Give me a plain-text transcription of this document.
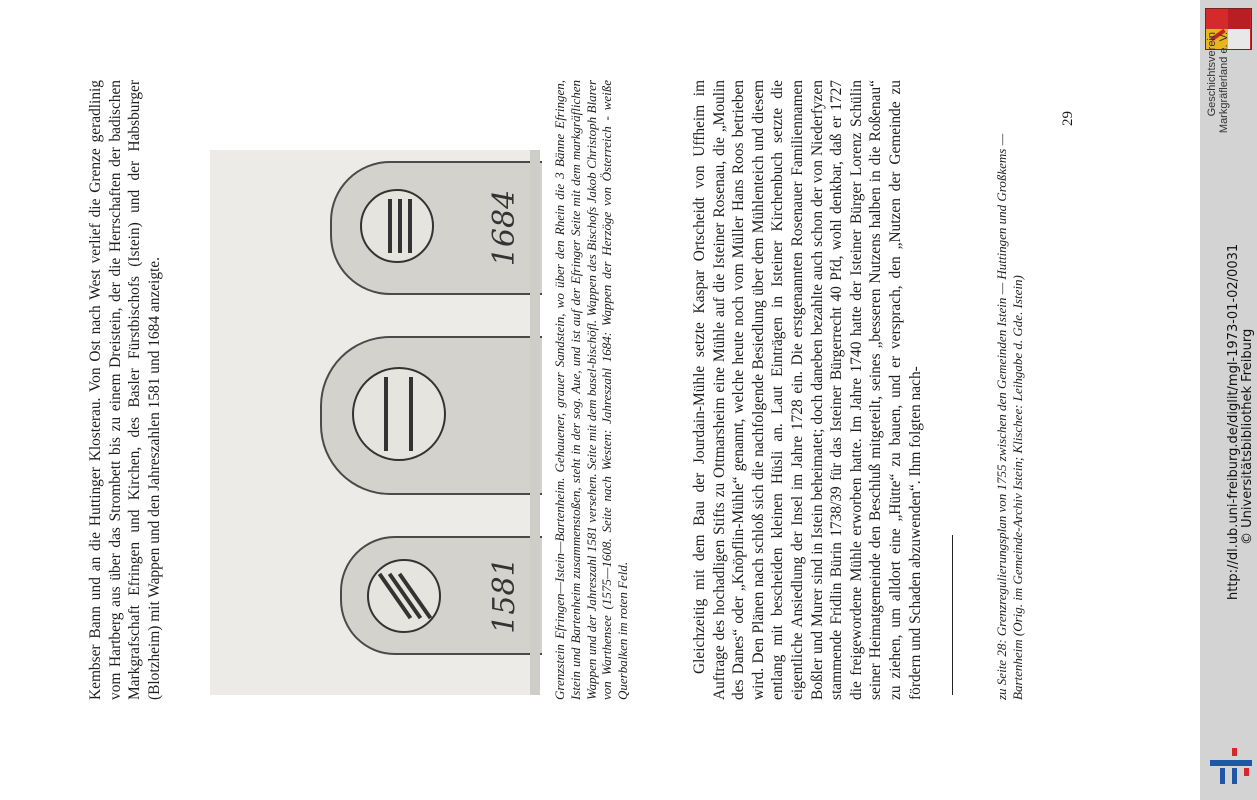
Kembser Bann und an die Huttinger Klosterau. Von Ost nach West verlief die Grenze geradlinig vom Hartberg aus über das Strombett bis zu einem Dreistein, der die Herrschaften der badischen Markgrafschaft Efringen und Kirchen, des Basler Fürstbischofs (Istein) und der Habsburger (Blotzheim) mit Wappen und den Jahreszahlen 1581 und 1684 anzeigte.	1581
1684 Grenzstein Efringen—Istein—Bartenheim. Gehauener, grauer Sandstein, wo über den Rhein die 3 Bänne Efringen, Istein und Bartenheim zusammenstoßen, steht in der sog. Aue, und ist auf der Efringer Seite mit dem markgräflichen Wappen und der Jahreszahl 1581 versehen. Seite mit dem basel-bischöfl. Wappen des Bischofs Jakob Christoph Blarer von Warthensee (1575—1608. Seite nach Westen: Jahreszahl 1684: Wappen der Herzöge von Österreich - weiße Querbalken im roten Feld.	Gleichzeitig mit dem Bau der Jourdain-Mühle setzte Kaspar Ortscheidt von Uffheim im Auftrage des hochadligen Stifts zu Ottmarsheim eine Mühle auf die Isteiner Rosenau, die „Moulin des Danes“ oder „Knöpflin-Mühle“ genannt, welche heute noch vom Müller Hans Roos betrieben wird. Den Plänen nach schloß sich die nachfolgende Besiedlung über dem Mühlenteich und diesem entlang mit bescheiden kleinen Hüsli an. Laut Einträgen in Isteiner Kirchenbuch setzte die eigentliche Ansiedlung der Insel im Jahre 1728 ein. Die erstgenannten Rosenauer Familiennamen Boßler und Murer sind in Istein beheimatet; doch daneben bezahlte auch schon der von Niederfyzen stammende Fridlin Bürin 1738/39 für das Isteiner Bürgerrecht 40 Pfd, wohl denkbar, daß er 1727 die freigewordene Mühle erworben hatte. Im Jahre 1740 hatte der Isteiner Bürger Lorenz Schülin seiner Heimatgemeinde den Beschluß mitgeteilt, seines „besseren Nutzens halben in die Roßenau“ zu ziehen, um alldort eine „Hütte“ zu bauen, und er versprach, den „Nutzen der Gemeinde zu fördern und Schaden abzuwenden“. Ihm folgten nach-	zu Seite 28: Grenzregulierungsplan von 1755 zwischen den Gemeinden Istein — Huttingen und Großkems — Bartenheim (Orig. im Gemeinde-Archiv Istein; Klischee: Leihgabe d. Gde. Istein)

29
Geschichtsverein Markgräflerland e. V.
http://dl.ub.uni-freiburg.de/diglit/mgl-1973-01-02/0031 © Universitätsbibliothek Freiburg
